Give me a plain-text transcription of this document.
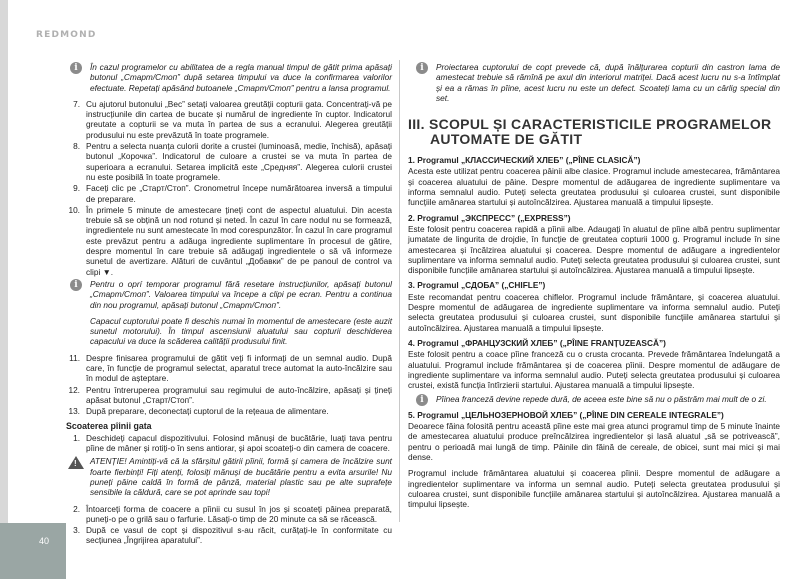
REDMOND
i	În cazul programelor cu abilitatea de a regla manual timpul de gătit prima apăsați butonul „Старт/Стоп” după setarea timpului va duce la confirmarea valorilor efectuate. Repetați apăsând butoanele „Старт/Стоп” pentru a lansa programul.

7. Cu ajutorul butonului „Вес” setați valoarea greutății copturii gata. Concentrați-vă pe instrucțiunile din cartea de bucate și numărul de ingrediente în ​​cuptor. Indicatorul greutate a copturii se va muta în partea de sus a ecranului. Alegerea greutății produsului nu este prevăzută în toate programele.
8. Pentru a selecta nuanța culorii dorite a crustei (luminoasă, medie, închisă), apăsați butonul „Корочка”. Indicatorul de culoare a crustei se va muta în partea de superioara a ecranului. Setarea implicită este „Средняя”. Alegerea culorii crustei nu este posibilă în toate programele.
9. Faceți clic pe „Старт/Стоп”. Cronometrul începe numărătoarea inversă a timpului de preparare.
10. În primele 5 minute de amestecare țineți cont de aspectul aluatului. Din acesta trebuie să se obțină un nod rotund și neted. În cazul în care nodul nu se formează, ingredientele nu sunt amestecate în mod corespunzător. În cazul în care programul este prevăzut pentru a adăuga ingrediente suplimentare în procesul de gătire, despre momentul în care trebuie să adăugați ingredientele o să vă informeze sunetul de avertizare. Alături de cuvântul „Добавки” de pe panoul de control va clipi ▼.
i	Pentru o oprí temporar programul fără resetare instrucțiunilor, apăsați butonul „Старт/Стоп”. Valoarea timpului va începe a clipi pe ecran. Pentru a continua din nou programul, apăsați butonul „Старт/Стоп”.

Capacul cuptorului poate fi deschis numai în momentul de amestecare (este auzit sunetul motorului). În timpul ascensiunii aluatului sau copturii deschiderea capacului va duce la scăderea calității produsului finit.

11. Despre finisarea programului de gătit veți fi informați de un semnal audio. După care, în funcție de programul selectat, aparatul trece automat la auto-încălzire sau în modul de așteptare.
12. Pentru întreruperea programului sau regimului de auto-încălzire, apăsați și țineți apăsat butonul „Старт/Стоп”.
13. După preparare, deconectați cuptorul de la rețeaua de alimentare.
Scoaterea pîinii gata
1. Deschideți capacul dispozitivului. Folosind mănuși de bucătărie, luați tava pentru pîine de mâner și rotiți-o în sens antiorar, și apoi scoateți-o din camera de coacere.
!

ATENȚIE! Amintiți-vă că la sfârșitul gătirii pîinii, formă și camera de încălzire sunt foarte fierbinți! Fiți atenți, folosiți mănuși de bucătărie pentru a evita arsurile! Nu puneți pâine caldă în formă de pânză, material plastic sau pe alte suprafețe sensibile la căldură, care se pot aprinde sau topi!

2. Întoarceți forma de coacere a pîinii cu susul în jos și scoateți pâinea preparată, puneți-o pe o grilă sau o farfurie. Lăsați-o timp de 20 minute ca să se răcească.
3. După ce vasul de copt și dispozitivul s-au răcit, curățați-le în conformitate cu secțiunea „Îngrijirea aparatului”.
i	Proiectarea cuptorului de copt prevede că, după înălțurarea copturii din castron lama de amestecat trebuie să rămînă pe axul din interiorul matriței. Dacă acest lucru nu s-a întîmplat și ea a rămas în pîine, acest lucru nu este un defect. Scoateți lama cu un cârlig special din set.

III. SCOPUL ȘI CARACTERISTICILE PROGRAMELOR
AUTOMATE DE GĂTIT
1. Programul „КЛАССИЧЕСКИЙ ХЛЕБ” („PÎINE CLASICĂ”)
Acesta este utilizat pentru coacerea pâinii albe clasice. Programul include amestecarea, frământarea și coacerea aluatului de pâine. Despre momentul de adăugarea de ingrediente suplimentare va informa semnalul audio. Puteți selecta greutatea produsului și culoarea crustei, sunt disponibile funcțiile amânarea startului și autoîncălzirea. Ajustarea manuală a timpului lipsește.
2. Programul „ЭКСПРЕСС” („EXPRESS”)
Este folosit pentru coacerea rapidă a pîinii albe. Adaugați în aluatul de pîine albă pentru suplimentar jumatate de lingurita de drojdie, în funcție de greutatea copturii 1000 g. Programul include în sine amestecarea și încălzirea aluatului și coacerea. Despre momentul de adăugare a ingredientelor suplimentare va informa semnalul audio. Puteți selecta greutatea produsului și culoarea crustei, sunt disponibile funcțiile amânarea startului și autoîncălzirea. Ajustarea manuală a timpului lipsește.
3. Programul „СДОБА” („CHIFLE”)
Este recomandat pentru coacerea chiflelor. Programul include frământare, și coacerea aluatului. Despre momentul de adăugarea de ingrediente suplimentare va informa semnalul audio. Puteți selecta greutatea produsului și culoarea crustei, sunt disponibile funcțiile amânarea startului și autoîncălzirea. Ajustarea manuală a timpului lipsește.
4. Programul „ФРАНЦУЗСКИЙ ХЛЕБ” („PÎINE FRANȚUZEASCĂ”)
Este folosit pentru a coace pîine franceză cu o crusta crocanta. Prevede frământarea îndelungată a aluatului. Programul include frământarea și de coacerea pîinii. Despre momentul de adăugare de ingrediente suplimentare va informa semnalul audio. Puteți selecta greutatea produsului și culoarea crustei, există funcția întîrzierii startului. Ajustarea manuală a timpului lipsește.
i	Pîinea franceză devine repede dură, de aceea este bine să nu o păstrăm mai mult de o zi.

5. Programul „ЦЕЛЬНОЗЕРНОВОЙ ХЛЕБ” („PÎINE DIN CEREALE INTEGRALE”)
Deoarece făina folosită pentru această pîine este mai grea atunci programul timp de 5 minute înainte de amestecarea aluatului produce preîncălzirea ingredientelor și lasă aluatul „să se potrivească”, pentru o perioadă mai lungă de timp. Pâinile din făină de cereale, de obicei, sunt mai mici și mai dense.
Programul include frământarea aluatului și coacerea pîinii. Despre momentul de adăugare a ingredientelor suplimentare va informa un semnal audio. Puteți selecta greutatea produsului și culoarea crustei, sunt disponibile funcțiile amânarea startului și autoîncălzirea. Ajustarea manuală a timpului lipsește.
40
